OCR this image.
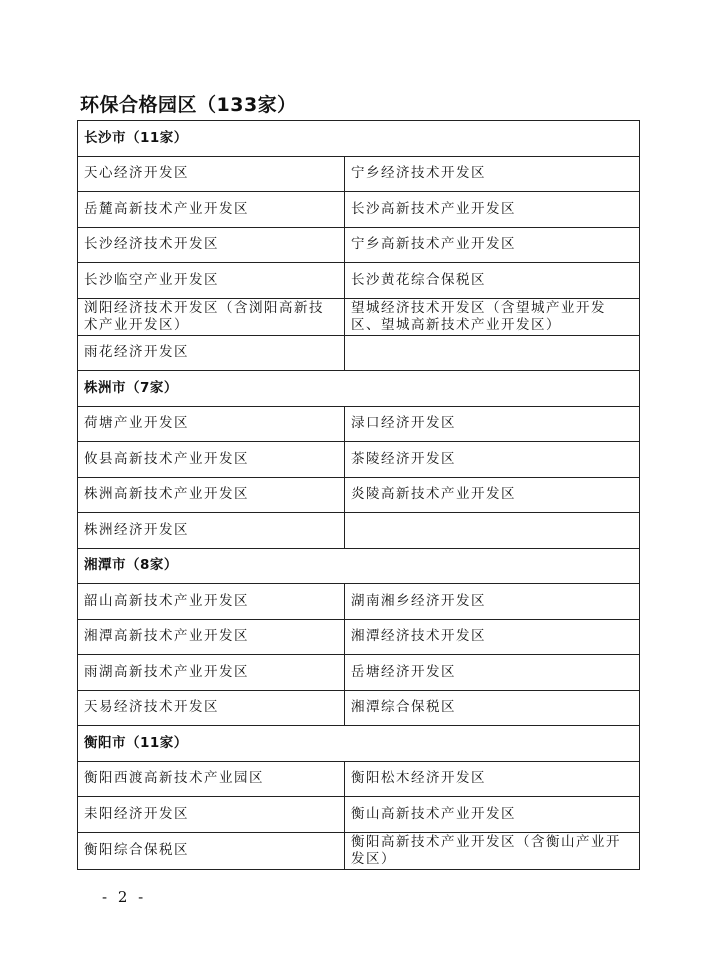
环保合格园区（133家）
长沙市（11家）	
天心经济开发区	宁乡经济技术开发区
岳麓高新技术产业开发区	长沙高新技术产业开发区
长沙经济技术开发区	宁乡高新技术产业开发区
长沙临空产业开发区	长沙黄花综合保税区
浏阳经济技术开发区（含浏阳高新技术产业开发区）	望城经济技术开发区（含望城产业开发区、望城高新技术产业开发区）
雨花经济开发区	
株洲市（7家）	
荷塘产业开发区	渌口经济开发区
攸县高新技术产业开发区	茶陵经济开发区
株洲高新技术产业开发区	炎陵高新技术产业开发区
株洲经济开发区	
湘潭市（8家）	
韶山高新技术产业开发区	湖南湘乡经济开发区
湘潭高新技术产业开发区	湘潭经济技术开发区
雨湖高新技术产业开发区	岳塘经济开发区
天易经济技术开发区	湘潭综合保税区
衡阳市（11家）	
衡阳西渡高新技术产业园区	衡阳松木经济开发区
耒阳经济开发区	衡山高新技术产业开发区
衡阳综合保税区	衡阳高新技术产业开发区（含衡山产业开发区）
- 2 -
